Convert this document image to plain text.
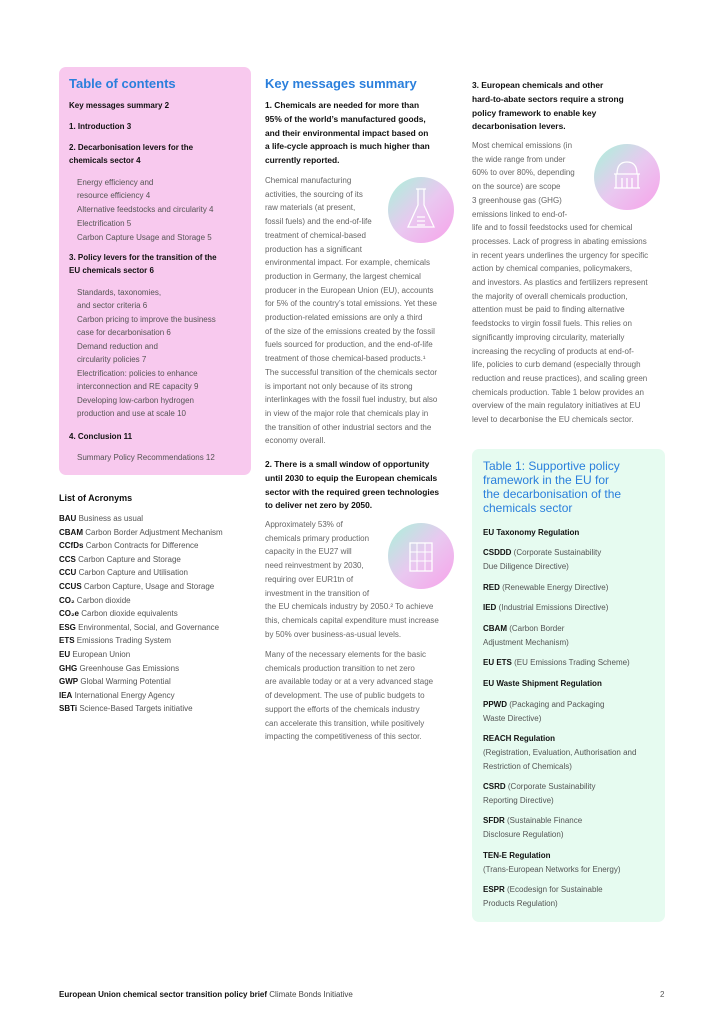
Table of contents
Key messages summary 2
1. Introduction 3
2. Decarbonisation levers for the
chemicals sector 4
Energy efficiency and
resource efficiency 4
Alternative feedstocks and circularity 4
Electrification 5
Carbon Capture Usage and Storage 5
3. Policy levers for the transition of the
EU chemicals sector 6
Standards, taxonomies,
and sector criteria 6
Carbon pricing to improve the business
case for decarbonisation 6
Demand reduction and
circularity policies 7
Electrification: policies to enhance
interconnection and RE capacity 9
Developing low-carbon hydrogen
production and use at scale 10
4. Conclusion 11
Summary Policy Recommendations 12
List of Acronyms
BAU Business as usual
CBAM Carbon Border Adjustment Mechanism
CCfDs Carbon Contracts for Difference
CCS Carbon Capture and Storage
CCU Carbon Capture and Utilisation
CCUS Carbon Capture, Usage and Storage
CO₂ Carbon dioxide
CO₂e Carbon dioxide equivalents
ESG Environmental, Social, and Governance
ETS Emissions Trading System
EU European Union
GHG Greenhouse Gas Emissions
GWP Global Warming Potential
IEA International Energy Agency
SBTi Science-Based Targets initiative
Key messages summary
1. Chemicals are needed for more than
95% of the world’s manufactured goods,
and their environmental impact based on
a life-cycle approach is much higher than
currently reported.
Chemical manufacturing
activities, the sourcing of its
raw materials (at present,
fossil fuels) and the end-of-life
treatment of chemical-based
production has a significant
environmental impact. For example, chemicals
production in Germany, the largest chemical
producer in the European Union (EU), accounts
for 5% of the country’s total emissions. Yet these
production-related emissions are only a third
of the size of the emissions created by the fossil
fuels sourced for production, and the end-of-life
treatment of those chemical-based products.¹
The successful transition of the chemicals sector
is important not only because of its strong
interlinkages with the fossil fuel industry, but also
in view of the major role that chemicals play in
the transition of other industrial sectors and the
economy overall.
2. There is a small window of opportunity
until 2030 to equip the European chemicals
sector with the required green technologies
to deliver net zero by 2050.
Approximately 53% of
chemicals primary production
capacity in the EU27 will
need reinvestment by 2030,
requiring over EUR1tn of
investment in the transition of
the EU chemicals industry by 2050.² To achieve
this, chemicals capital expenditure must increase
by 50% over business-as-usual levels.
Many of the necessary elements for the basic
chemicals production transition to net zero
are available today or at a very advanced stage
of development. The use of public budgets to
support the efforts of the chemicals industry
can accelerate this transition, while positively
impacting the competitiveness of this sector.
3. European chemicals and other
hard-to-abate sectors require a strong
policy framework to enable key
decarbonisation levers.
Most chemical emissions (in
the wide range from under
60% to over 80%, depending
on the source) are scope
3 greenhouse gas (GHG)
emissions linked to end-of-
life and to fossil feedstocks used for chemical
processes. Lack of progress in abating emissions
in recent years underlines the urgency for specific
action by chemical companies, policymakers,
and investors. As plastics and fertilizers represent
the majority of overall chemicals production,
attention must be paid to finding alternative
feedstocks to virgin fossil fuels. This relies on
significantly improving circularity, materially
increasing the recycling of products at end-of-
life, policies to curb demand (especially through
reduction and reuse practices), and scaling green
chemicals production. Table 1 below provides an
overview of the main regulatory initiatives at EU
level to decarbonise the EU chemicals sector.
Table 1: Supportive policy
framework in the EU for
the decarbonisation of the
chemicals sector
EU Taxonomy Regulation
CSDDD (Corporate Sustainability
Due Diligence Directive)
RED (Renewable Energy Directive)
IED (Industrial Emissions Directive)
CBAM (Carbon Border
Adjustment Mechanism)
EU ETS (EU Emissions Trading Scheme)
EU Waste Shipment Regulation
PPWD (Packaging and Packaging
Waste Directive)
REACH Regulation
(Registration, Evaluation, Authorisation and
Restriction of Chemicals)
CSRD (Corporate Sustainability
Reporting Directive)
SFDR (Sustainable Finance
Disclosure Regulation)
TEN-E Regulation
(Trans-European Networks for Energy)
ESPR (Ecodesign for Sustainable
Products Regulation)
European Union chemical sector transition policy brief Climate Bonds Initiative	2
